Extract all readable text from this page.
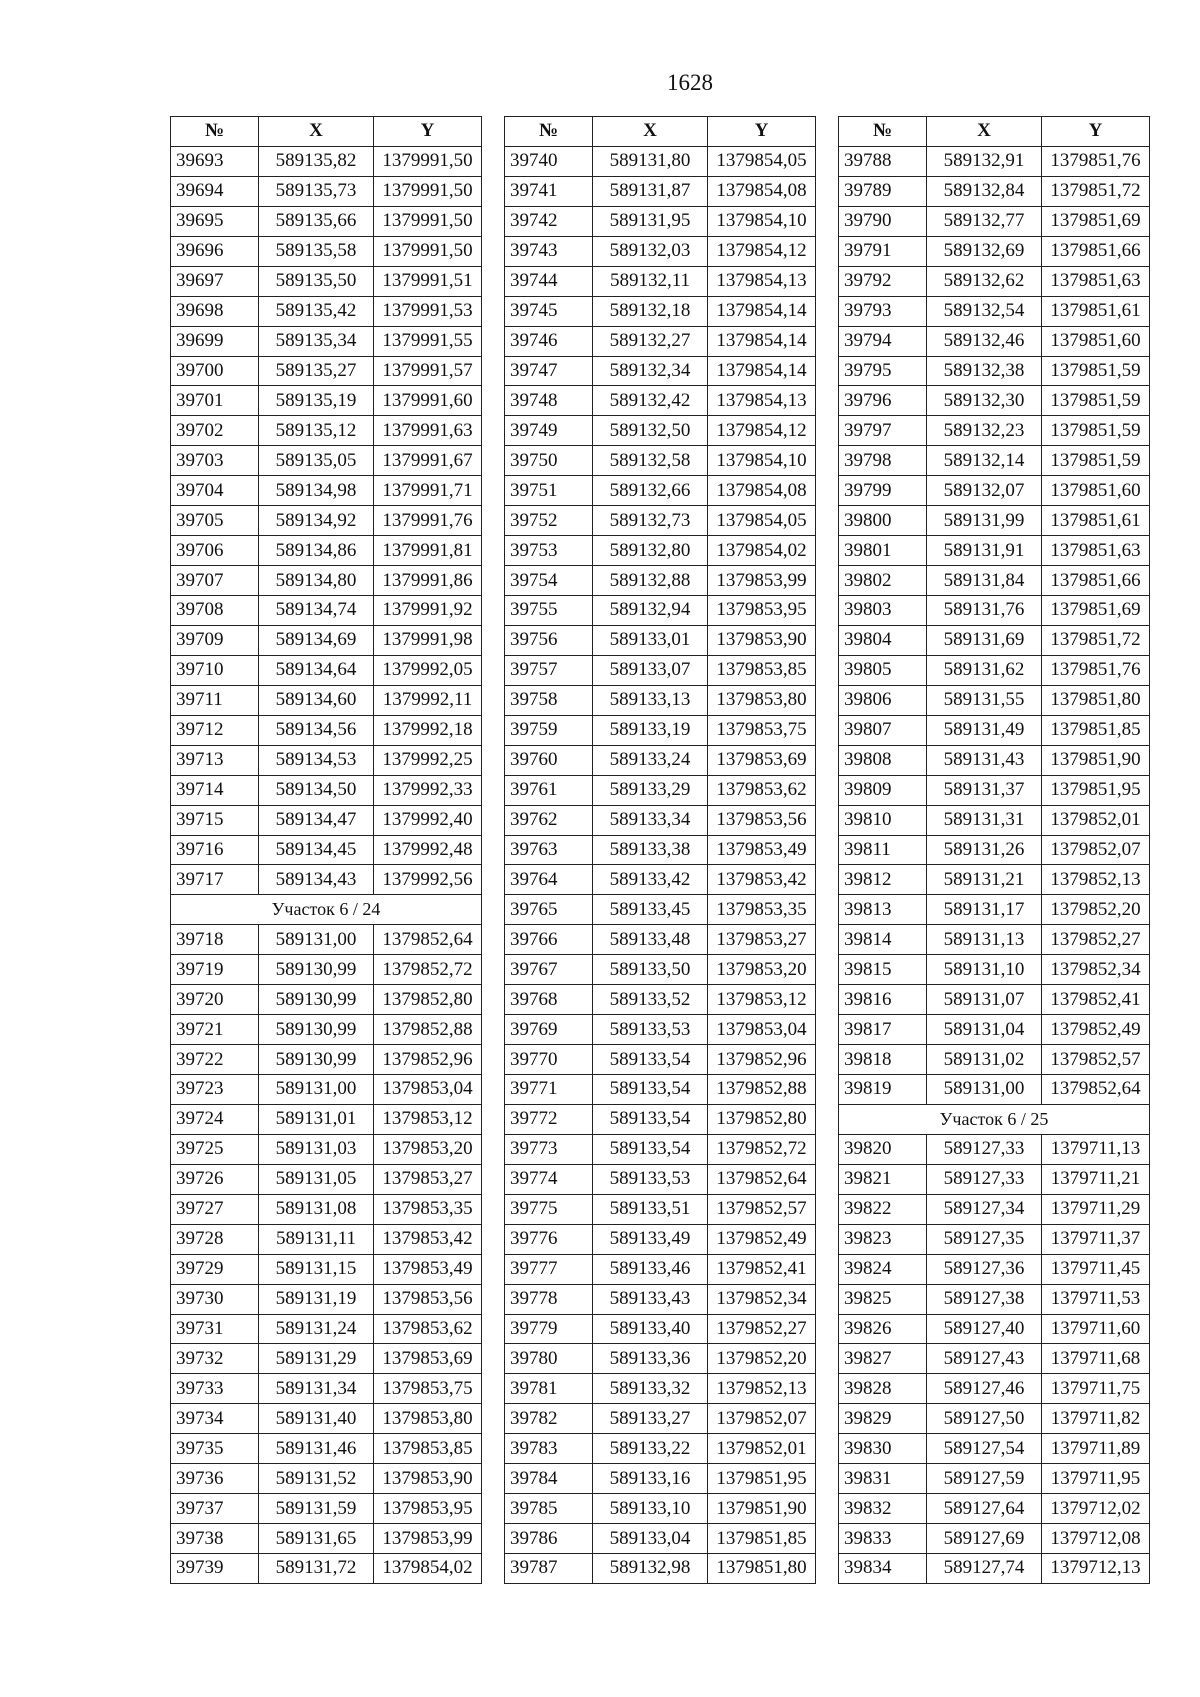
1628
№	X	Y
39693	589135,82	1379991,50
39694	589135,73	1379991,50
39695	589135,66	1379991,50
39696	589135,58	1379991,50
39697	589135,50	1379991,51
39698	589135,42	1379991,53
39699	589135,34	1379991,55
39700	589135,27	1379991,57
39701	589135,19	1379991,60
39702	589135,12	1379991,63
39703	589135,05	1379991,67
39704	589134,98	1379991,71
39705	589134,92	1379991,76
39706	589134,86	1379991,81
39707	589134,80	1379991,86
39708	589134,74	1379991,92
39709	589134,69	1379991,98
39710	589134,64	1379992,05
39711	589134,60	1379992,11
39712	589134,56	1379992,18
39713	589134,53	1379992,25
39714	589134,50	1379992,33
39715	589134,47	1379992,40
39716	589134,45	1379992,48
39717	589134,43	1379992,56
Участок 6 / 24		
39718	589131,00	1379852,64
39719	589130,99	1379852,72
39720	589130,99	1379852,80
39721	589130,99	1379852,88
39722	589130,99	1379852,96
39723	589131,00	1379853,04
39724	589131,01	1379853,12
39725	589131,03	1379853,20
39726	589131,05	1379853,27
39727	589131,08	1379853,35
39728	589131,11	1379853,42
39729	589131,15	1379853,49
39730	589131,19	1379853,56
39731	589131,24	1379853,62
39732	589131,29	1379853,69
39733	589131,34	1379853,75
39734	589131,40	1379853,80
39735	589131,46	1379853,85
39736	589131,52	1379853,90
39737	589131,59	1379853,95
39738	589131,65	1379853,99
39739	589131,72	1379854,02
№	X	Y
39740	589131,80	1379854,05
39741	589131,87	1379854,08
39742	589131,95	1379854,10
39743	589132,03	1379854,12
39744	589132,11	1379854,13
39745	589132,18	1379854,14
39746	589132,27	1379854,14
39747	589132,34	1379854,14
39748	589132,42	1379854,13
39749	589132,50	1379854,12
39750	589132,58	1379854,10
39751	589132,66	1379854,08
39752	589132,73	1379854,05
39753	589132,80	1379854,02
39754	589132,88	1379853,99
39755	589132,94	1379853,95
39756	589133,01	1379853,90
39757	589133,07	1379853,85
39758	589133,13	1379853,80
39759	589133,19	1379853,75
39760	589133,24	1379853,69
39761	589133,29	1379853,62
39762	589133,34	1379853,56
39763	589133,38	1379853,49
39764	589133,42	1379853,42
39765	589133,45	1379853,35
39766	589133,48	1379853,27
39767	589133,50	1379853,20
39768	589133,52	1379853,12
39769	589133,53	1379853,04
39770	589133,54	1379852,96
39771	589133,54	1379852,88
39772	589133,54	1379852,80
39773	589133,54	1379852,72
39774	589133,53	1379852,64
39775	589133,51	1379852,57
39776	589133,49	1379852,49
39777	589133,46	1379852,41
39778	589133,43	1379852,34
39779	589133,40	1379852,27
39780	589133,36	1379852,20
39781	589133,32	1379852,13
39782	589133,27	1379852,07
39783	589133,22	1379852,01
39784	589133,16	1379851,95
39785	589133,10	1379851,90
39786	589133,04	1379851,85
39787	589132,98	1379851,80
№	X	Y
39788	589132,91	1379851,76
39789	589132,84	1379851,72
39790	589132,77	1379851,69
39791	589132,69	1379851,66
39792	589132,62	1379851,63
39793	589132,54	1379851,61
39794	589132,46	1379851,60
39795	589132,38	1379851,59
39796	589132,30	1379851,59
39797	589132,23	1379851,59
39798	589132,14	1379851,59
39799	589132,07	1379851,60
39800	589131,99	1379851,61
39801	589131,91	1379851,63
39802	589131,84	1379851,66
39803	589131,76	1379851,69
39804	589131,69	1379851,72
39805	589131,62	1379851,76
39806	589131,55	1379851,80
39807	589131,49	1379851,85
39808	589131,43	1379851,90
39809	589131,37	1379851,95
39810	589131,31	1379852,01
39811	589131,26	1379852,07
39812	589131,21	1379852,13
39813	589131,17	1379852,20
39814	589131,13	1379852,27
39815	589131,10	1379852,34
39816	589131,07	1379852,41
39817	589131,04	1379852,49
39818	589131,02	1379852,57
39819	589131,00	1379852,64
Участок 6 / 25		
39820	589127,33	1379711,13
39821	589127,33	1379711,21
39822	589127,34	1379711,29
39823	589127,35	1379711,37
39824	589127,36	1379711,45
39825	589127,38	1379711,53
39826	589127,40	1379711,60
39827	589127,43	1379711,68
39828	589127,46	1379711,75
39829	589127,50	1379711,82
39830	589127,54	1379711,89
39831	589127,59	1379711,95
39832	589127,64	1379712,02
39833	589127,69	1379712,08
39834	589127,74	1379712,13
